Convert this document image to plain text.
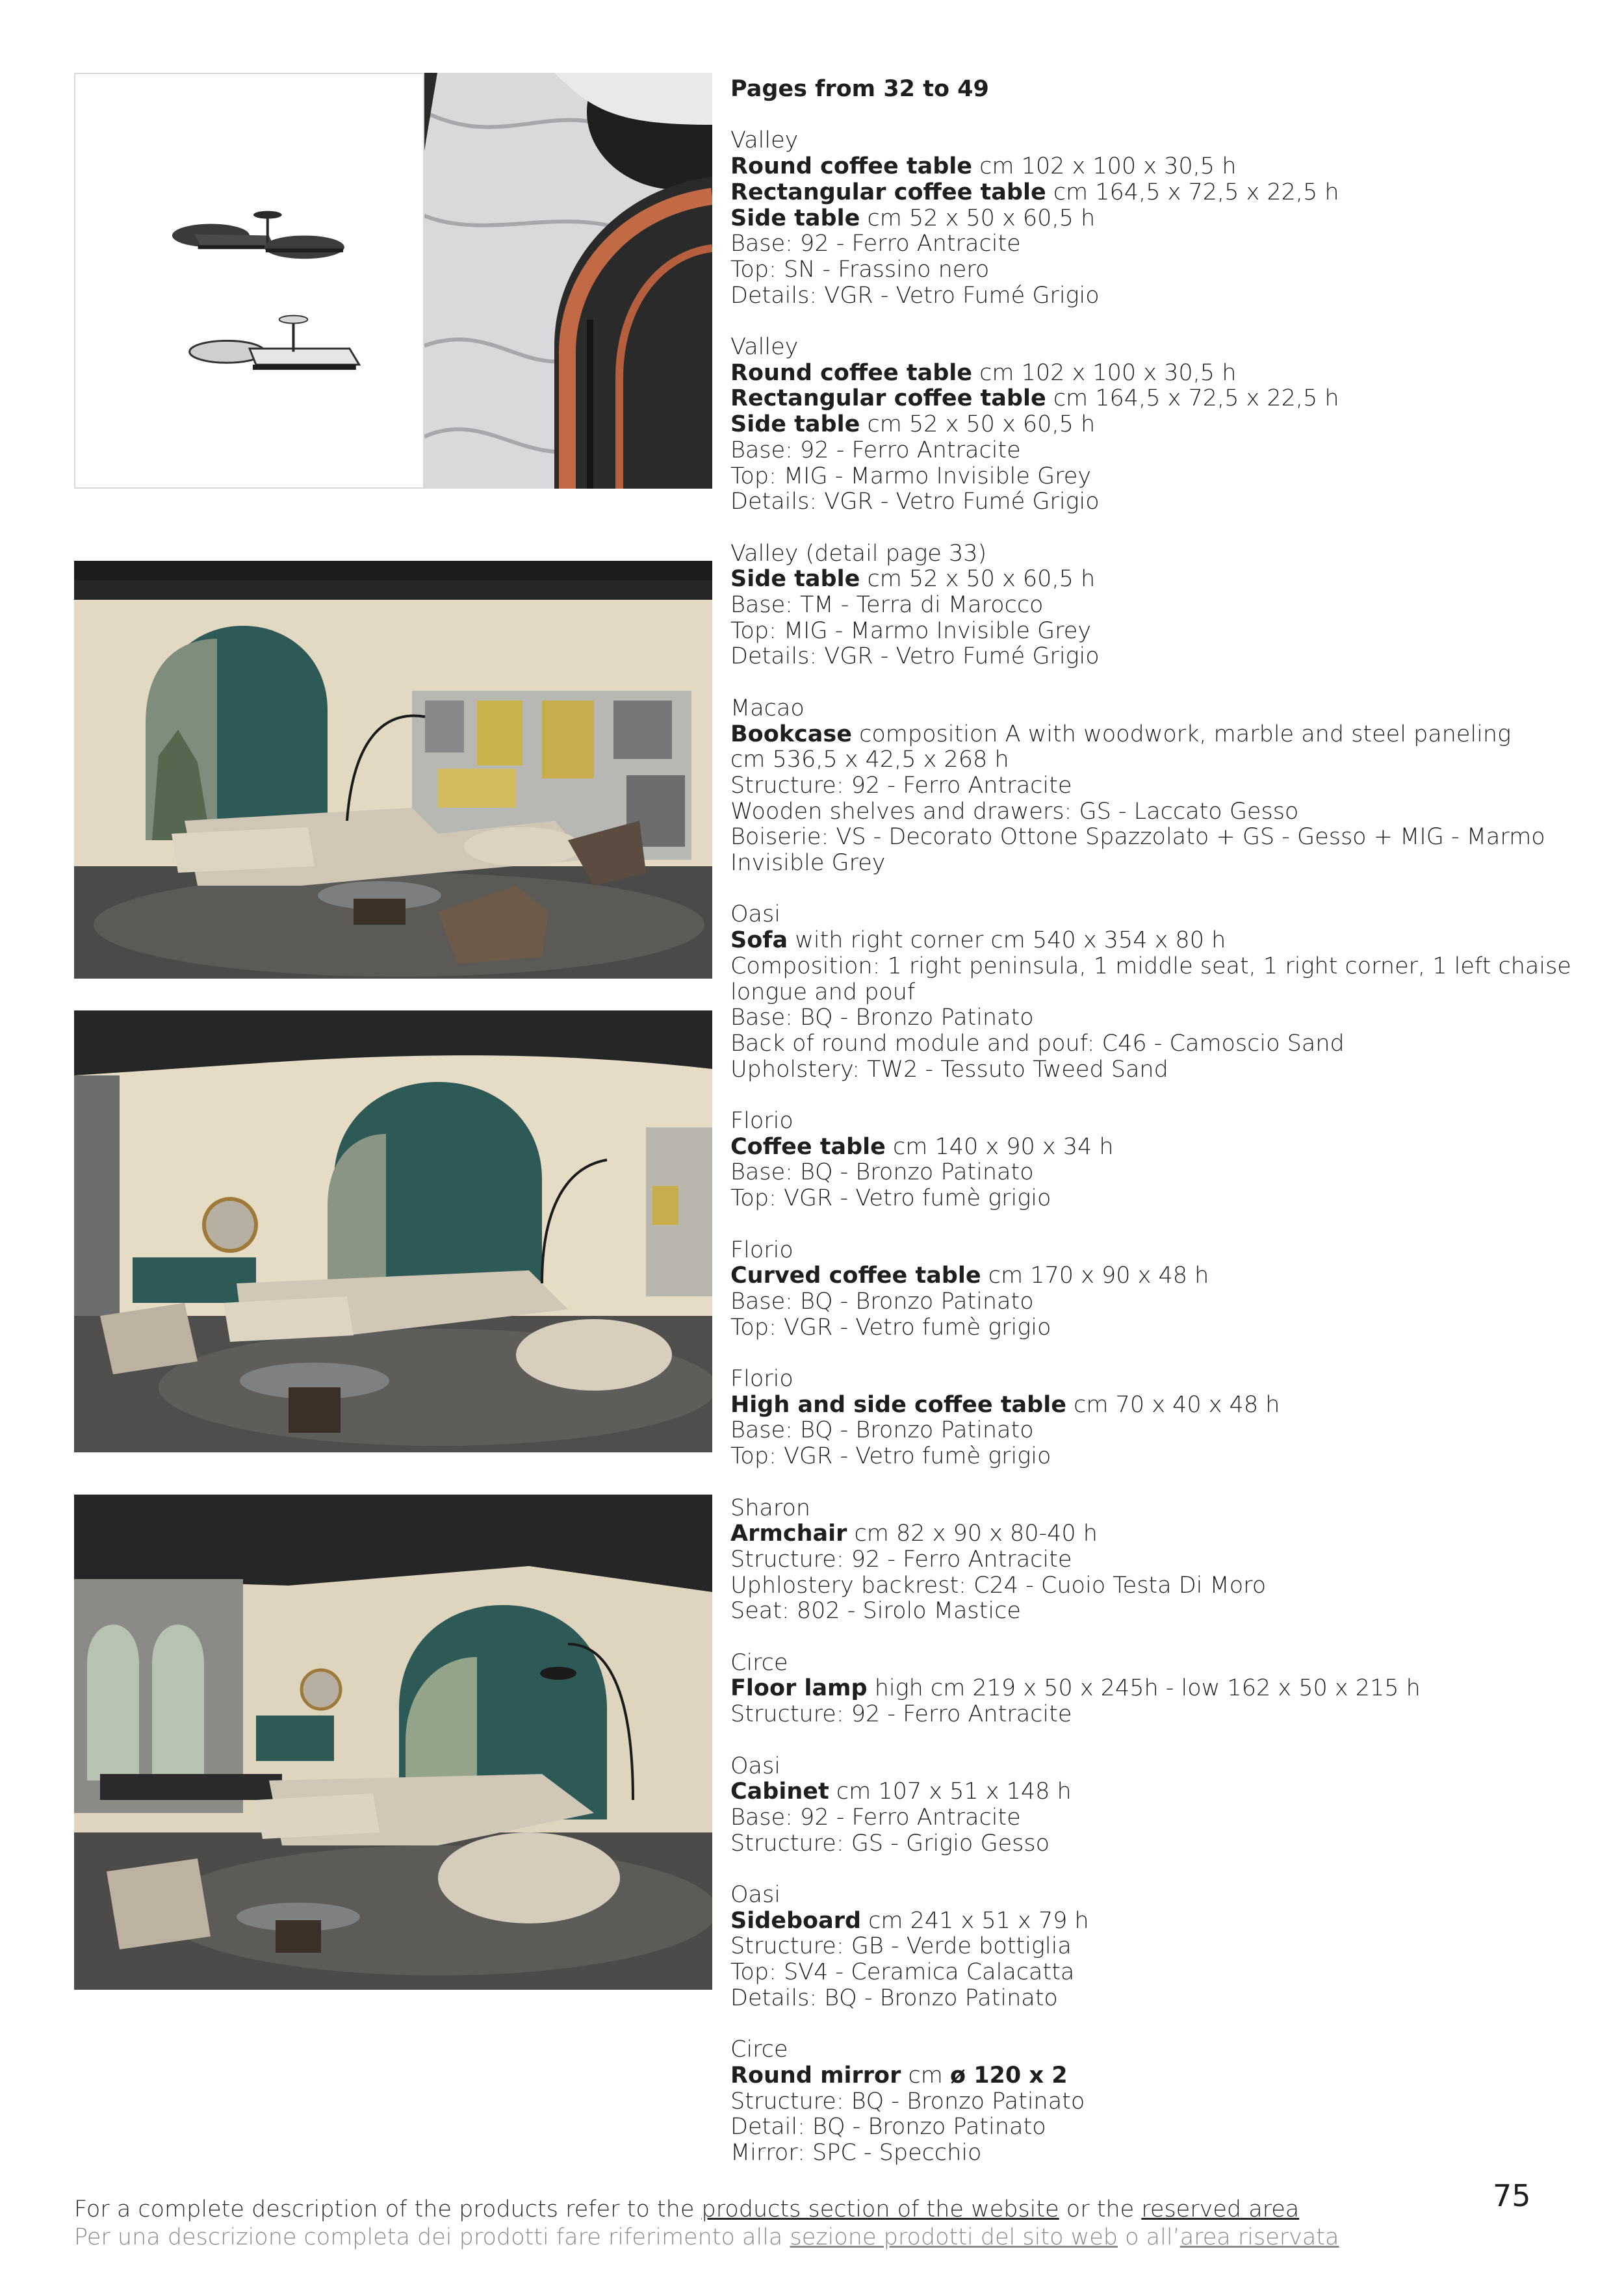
Pages from 32 to 49

Valley

Round coffee table cm 102 x 100 x 30,5 h

Rectangular coffee table cm 164,5 x 72,5 x 22,5 h

Side table cm 52 x 50 x 60,5 h

Base: 92 - Ferro Antracite

Top: SN - Frassino nero

Details: VGR - Vetro Fumé Grigio

Valley

Round coffee table cm 102 x 100 x 30,5 h

Rectangular coffee table cm 164,5 x 72,5 x 22,5 h

Side table cm 52 x 50 x 60,5 h

Base: 92 - Ferro Antracite

Top: MIG - Marmo Invisible Grey

Details: VGR - Vetro Fumé Grigio

Valley (detail page 33)

Side table cm 52 x 50 x 60,5 h

Base: TM - Terra di Marocco

Top: MIG - Marmo Invisible Grey

Details: VGR - Vetro Fumé Grigio

Macao

Bookcase composition A with woodwork, marble and steel paneling

cm 536,5 x 42,5 x 268 h

Structure: 92 - Ferro Antracite

Wooden shelves and drawers: GS - Laccato Gesso

Boiserie: VS - Decorato Ottone Spazzolato + GS - Gesso + MIG - Marmo

Invisible Grey

Oasi

Sofa with right corner cm 540 x 354 x 80 h

Composition: 1 right peninsula, 1 middle seat, 1 right corner, 1 left chaise

longue and pouf

Base: BQ - Bronzo Patinato

Back of round module and pouf: C46 - Camoscio Sand

Upholstery: TW2 - Tessuto Tweed Sand

Florio

Coffee table cm 140 x 90 x 34 h

Base: BQ - Bronzo Patinato

Top: VGR - Vetro fumè grigio

Florio

Curved coffee table cm 170 x 90 x 48 h

Base: BQ - Bronzo Patinato

Top: VGR - Vetro fumè grigio

Florio

High and side coffee table cm 70 x 40 x 48 h

Base: BQ - Bronzo Patinato

Top: VGR - Vetro fumè grigio

Sharon

Armchair cm 82 x 90 x 80-40 h

Structure: 92 - Ferro Antracite

Uphlostery backrest: C24 - Cuoio Testa Di Moro

Seat: 802 - Sirolo Mastice

Circe

Floor lamp high cm 219 x 50 x 245h - low 162 x 50 x 215 h

Structure: 92 - Ferro Antracite

Oasi

Cabinet cm 107 x 51 x 148 h

Base: 92 - Ferro Antracite

Structure: GS - Grigio Gesso

Oasi

Sideboard cm 241 x 51 x 79 h

Structure: GB - Verde bottiglia

Top: SV4 - Ceramica Calacatta

Details: BQ - Bronzo Patinato

Circe

Round mirror cm ø 120 x 2

Structure: BQ - Bronzo Patinato

Detail: BQ - Bronzo Patinato

Mirror: SPC - Specchio

For a complete description of the products refer to the products section of the website or the reserved area
Per una descrizione completa dei prodotti fare riferimento alla sezione prodotti del sito web o all’area riservata
75
